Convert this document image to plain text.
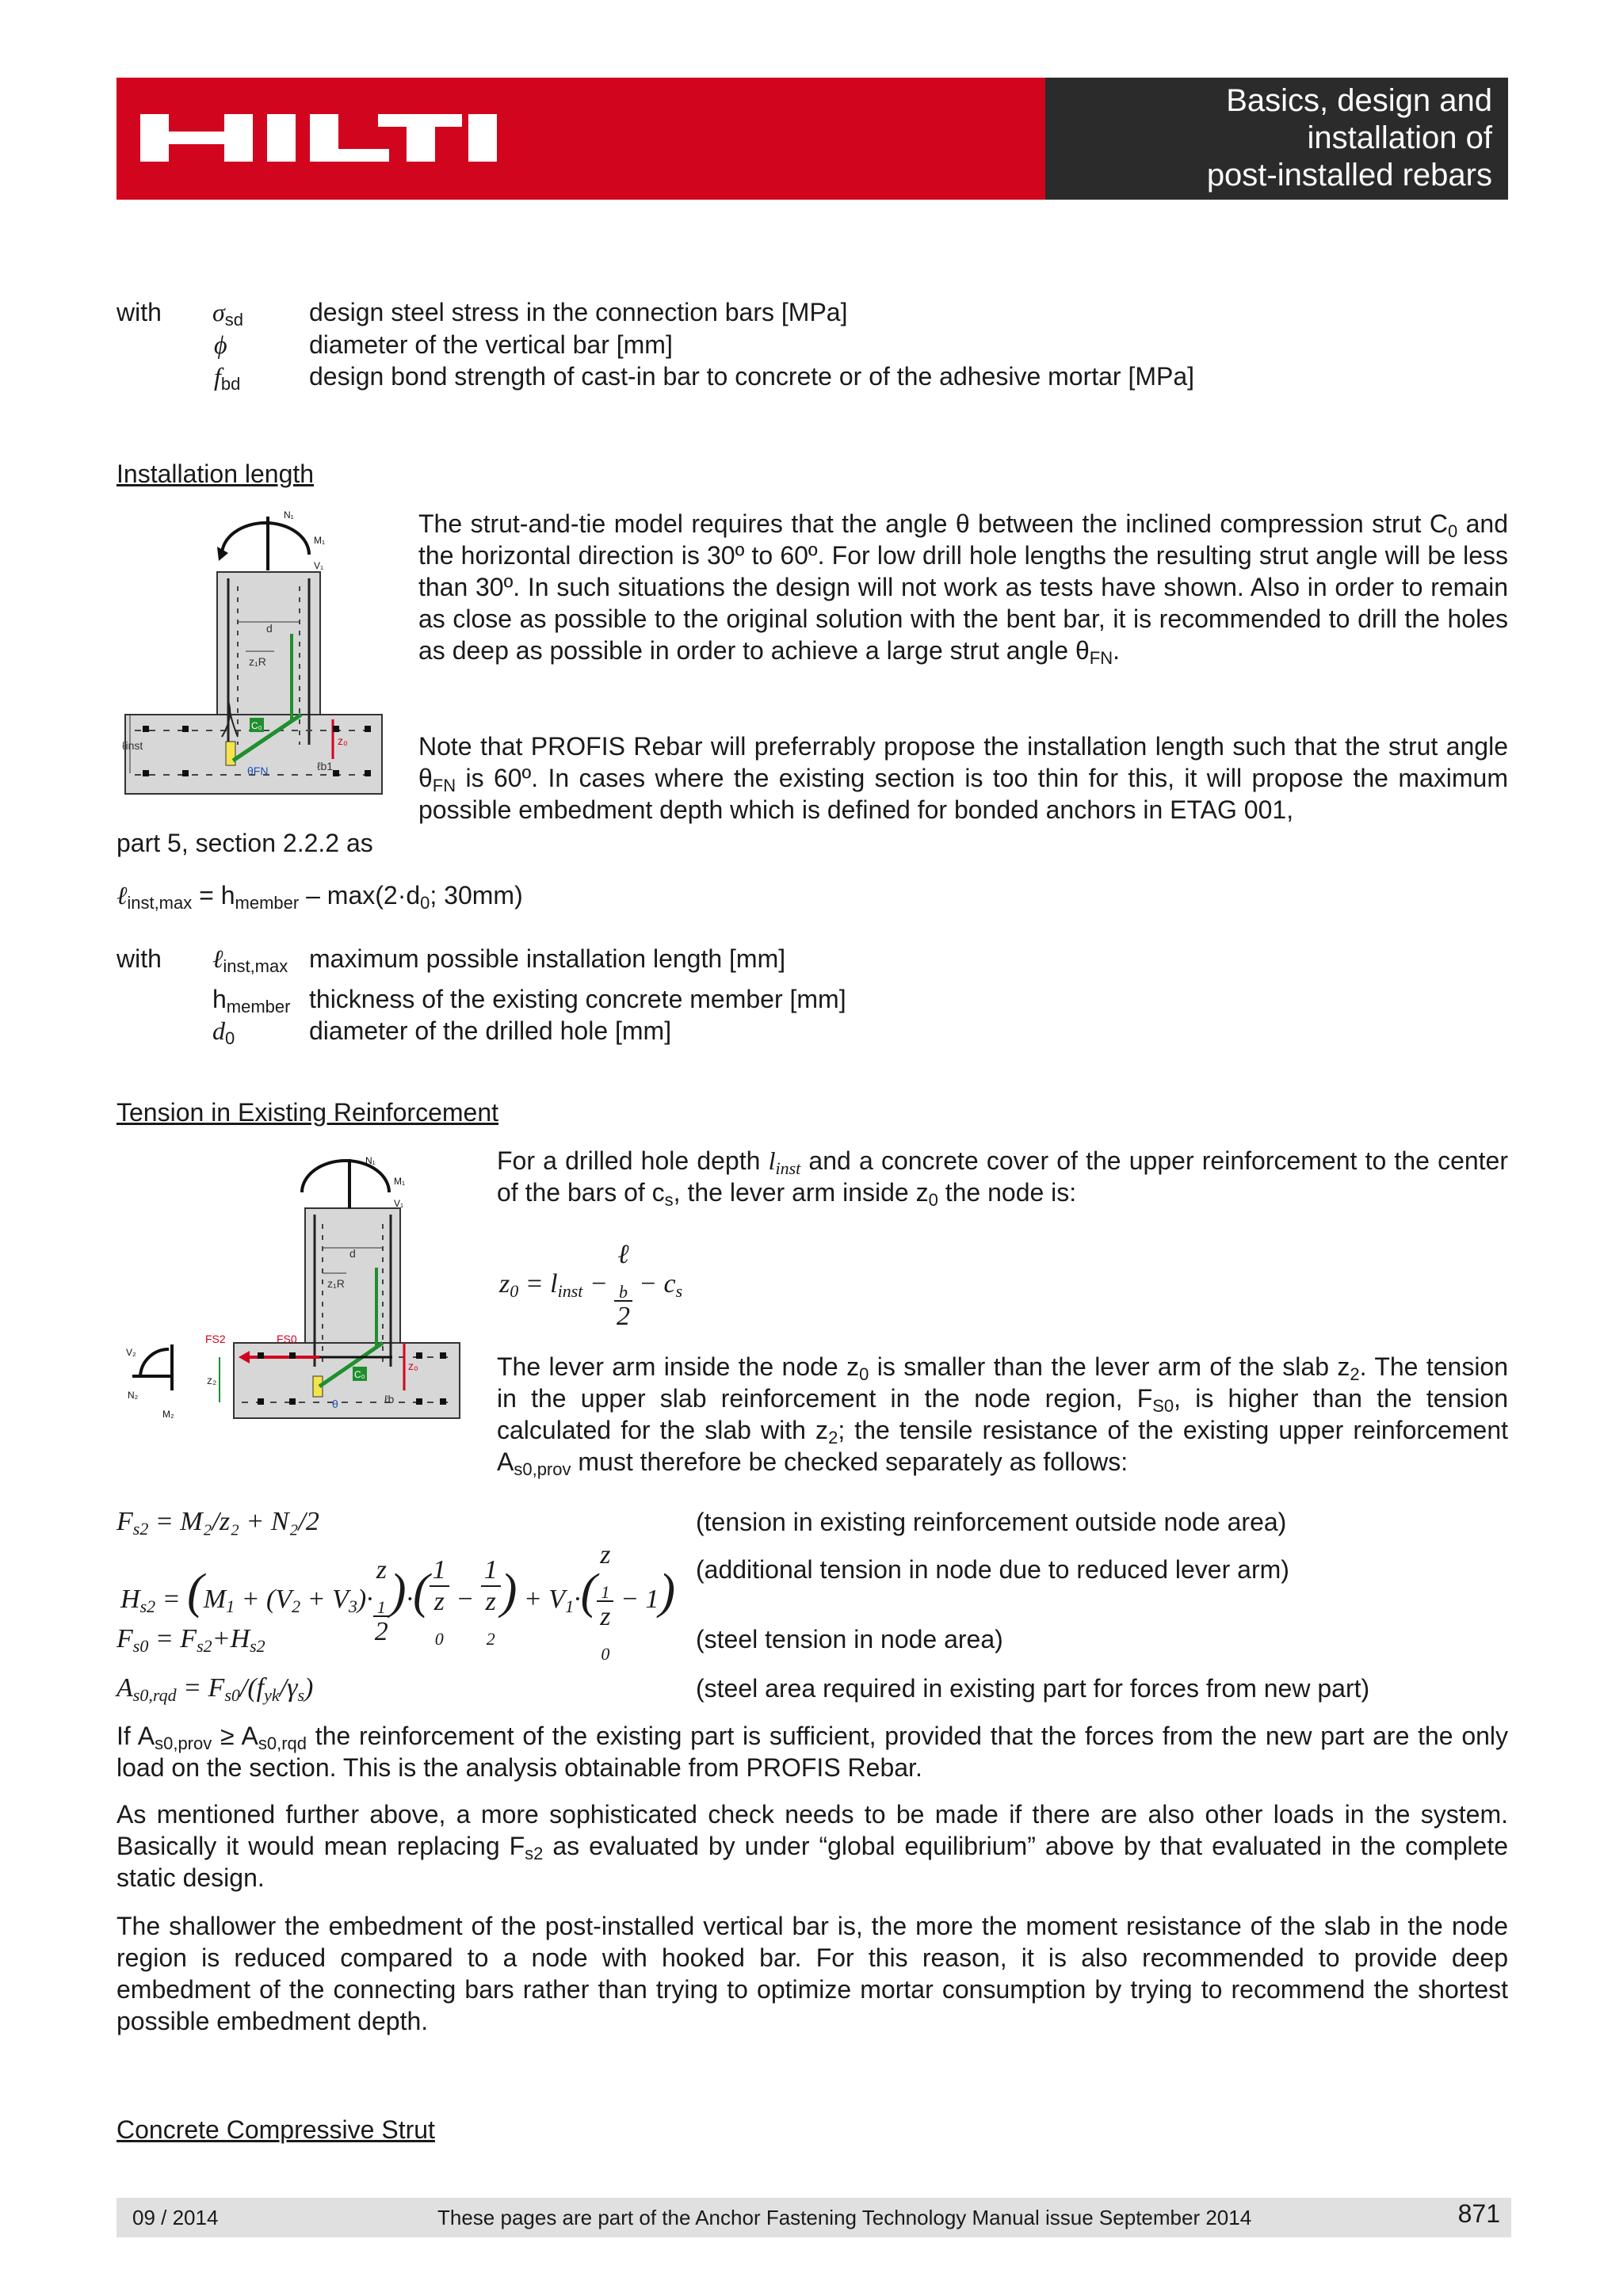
Basics, design and
installation of
post-installed rebars
with $\sigma_{sd}$	design steel stress in the connection bars [MPa]
ϕ	diameter of the vertical bar [mm]
$f_{bd}$	design bond strength of cast-in bar to concrete or of the adhesive mortar [MPa]
Installation length
C₀
z₀
θFN
z₁R
d
ℓinst
ℓb1
N₁
M₁
V₁
The strut-and-tie model requires that the angle θ between the inclined compression strut $C_0$ and the horizontal direction is 30º to 60º. For low drill hole lengths the resulting strut angle will be less than 30º. In such situations the design will not work as tests have shown. Also in order to remain as close as possible to the original solution with the bent bar, it is recommended to drill the holes as deep as possible in order to achieve a large strut angle $\theta_{FN}$.
Note that PROFIS Rebar will preferrably propose the installation length such that the strut angle $\theta_{FN}$ is 60º. In cases where the existing section is too thin for this, it will propose the maximum possible embedment depth which is defined for bonded anchors in ETAG 001,
part 5, section 2.2.2 as
ℓ$_{inst,max}$ = $h_{member} - \max(2\cdot d_0$; 30mm)
with ℓ$_{inst,max}$ maximum possible installation length [mm]
$h_{member}$ thickness of the existing concrete member [mm]
$d_0$	diameter of the drilled hole [mm]
Tension in Existing Reinforcement
C₀
z₀
θ	ℓb
FS2	FS0
z₁R
d
z₂
N₁
M₁
V₁
V₂
N₂
M₂
For a drilled hole depth $l_{inst}$ and a concrete cover of the upper reinforcement to the center of the bars of $c_s$, the lever arm inside $z_0$ the node is:
$z_0 = l_{inst}$ − ℓ
$_b$
$2 - c_s$
The lever arm inside the node $z_0$ is smaller than the lever arm of the slab $z_2$. The tension in the upper slab reinforcement in the node region, $F_{S0}$, is higher than the tension calculated for the slab with $z_2$; the tensile resistance of the existing upper reinforcement $A_{s0,prov}$ must therefore be checked separately as follows:
$F_{s2} = M_2/z_2 + N_2/2$	(tension in existing reinforcement outside node area)
$H_{s2} = (M_1 + (V_2 + V_3)\cdot z$
$_1$
2 )·( 1
z
$_0$ − 1
z
$_2$ ) + $V_1\cdot$( z
$_1$
z
$_0$ − 1) (additional tension in node due to reduced lever arm)
$F_{s0} = F_{s2}+H_{s2}$	(steel tension in node area)
$A_{s0,rqd} = F_{s0}/(f_{yk}/\gamma_s)$	(steel area required in existing part for forces from new part)
If $A_{s0,prov} \ge A_{s0,rqd}$ the reinforcement of the existing part is sufficient, provided that the forces from the new part are the only load on the section. This is the analysis obtainable from PROFIS Rebar.
As mentioned further above, a more sophisticated check needs to be made if there are also other loads in the system. Basically it would mean replacing $F_{s2}$ as evaluated by under “global equilibrium” above by that evaluated in the complete static design.
The shallower the embedment of the post-installed vertical bar is, the more the moment resistance of the slab in the node region is reduced compared to a node with hooked bar. For this reason, it is also recommended to provide deep embedment of the connecting bars rather than trying to optimize mortar consumption by trying to recommend the shortest possible embedment depth.
Concrete Compressive Strut
09 / 2014	These pages are part of the Anchor Fastening Technology Manual issue September 2014	871
